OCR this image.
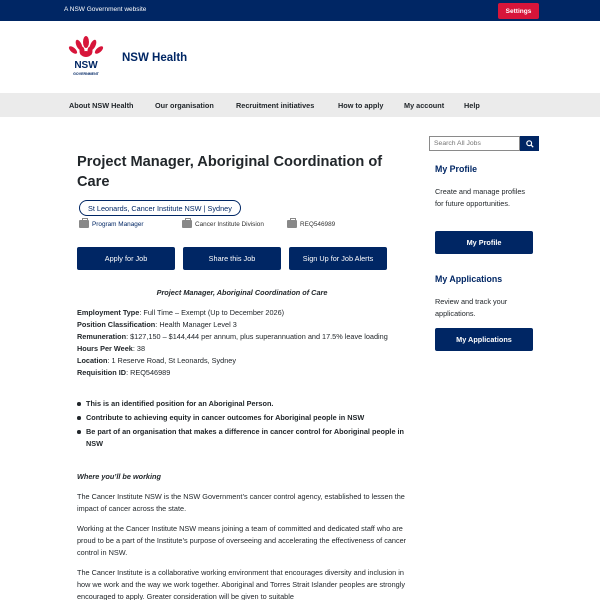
A NSW Government website	Settings
NSW
GOVERNMENT
NSW Health
About NSW Health	Our organisation	Recruitment initiatives	How to apply	My account	Help
Project Manager, Aboriginal Coordination of Care
St Leonards, Cancer Institute NSW | Sydney
Program Manager	Cancer Institute Division	REQ546989
Apply for Job	Share this Job	Sign Up for Job Alerts
Project Manager, Aboriginal Coordination of Care
Employment Type: Full Time – Exempt (Up to December 2026)
Position Classification: Health Manager Level 3
Remuneration: $127,150 – $144,444 per annum, plus superannuation and 17.5% leave loading
Hours Per Week: 38
Location: 1 Reserve Road, St Leonards, Sydney
Requisition ID: REQ546989
This is an identified position for an Aboriginal Person.
Contribute to achieving equity in cancer outcomes for Aboriginal people in NSW
Be part of an organisation that makes a difference in cancer control for Aboriginal people in NSW
Where you’ll be working

The Cancer Institute NSW is the NSW Government’s cancer control agency, established to lessen the impact of cancer across the state.

Working at the Cancer Institute NSW means joining a team of committed and dedicated staff who are proud to be a part of the Institute’s purpose of overseeing and accelerating the effectiveness of cancer control in NSW.

The Cancer Institute is a collaborative working environment that encourages diversity and inclusion in how we work and the way we work together. Aboriginal and Torres Strait Islander peoples are strongly encouraged to apply. Greater consideration will be given to suitable

Search All Jobs
My Profile

Create and manage profiles for future opportunities.

My Profile
My Applications

Review and track your applications.

My Applications
